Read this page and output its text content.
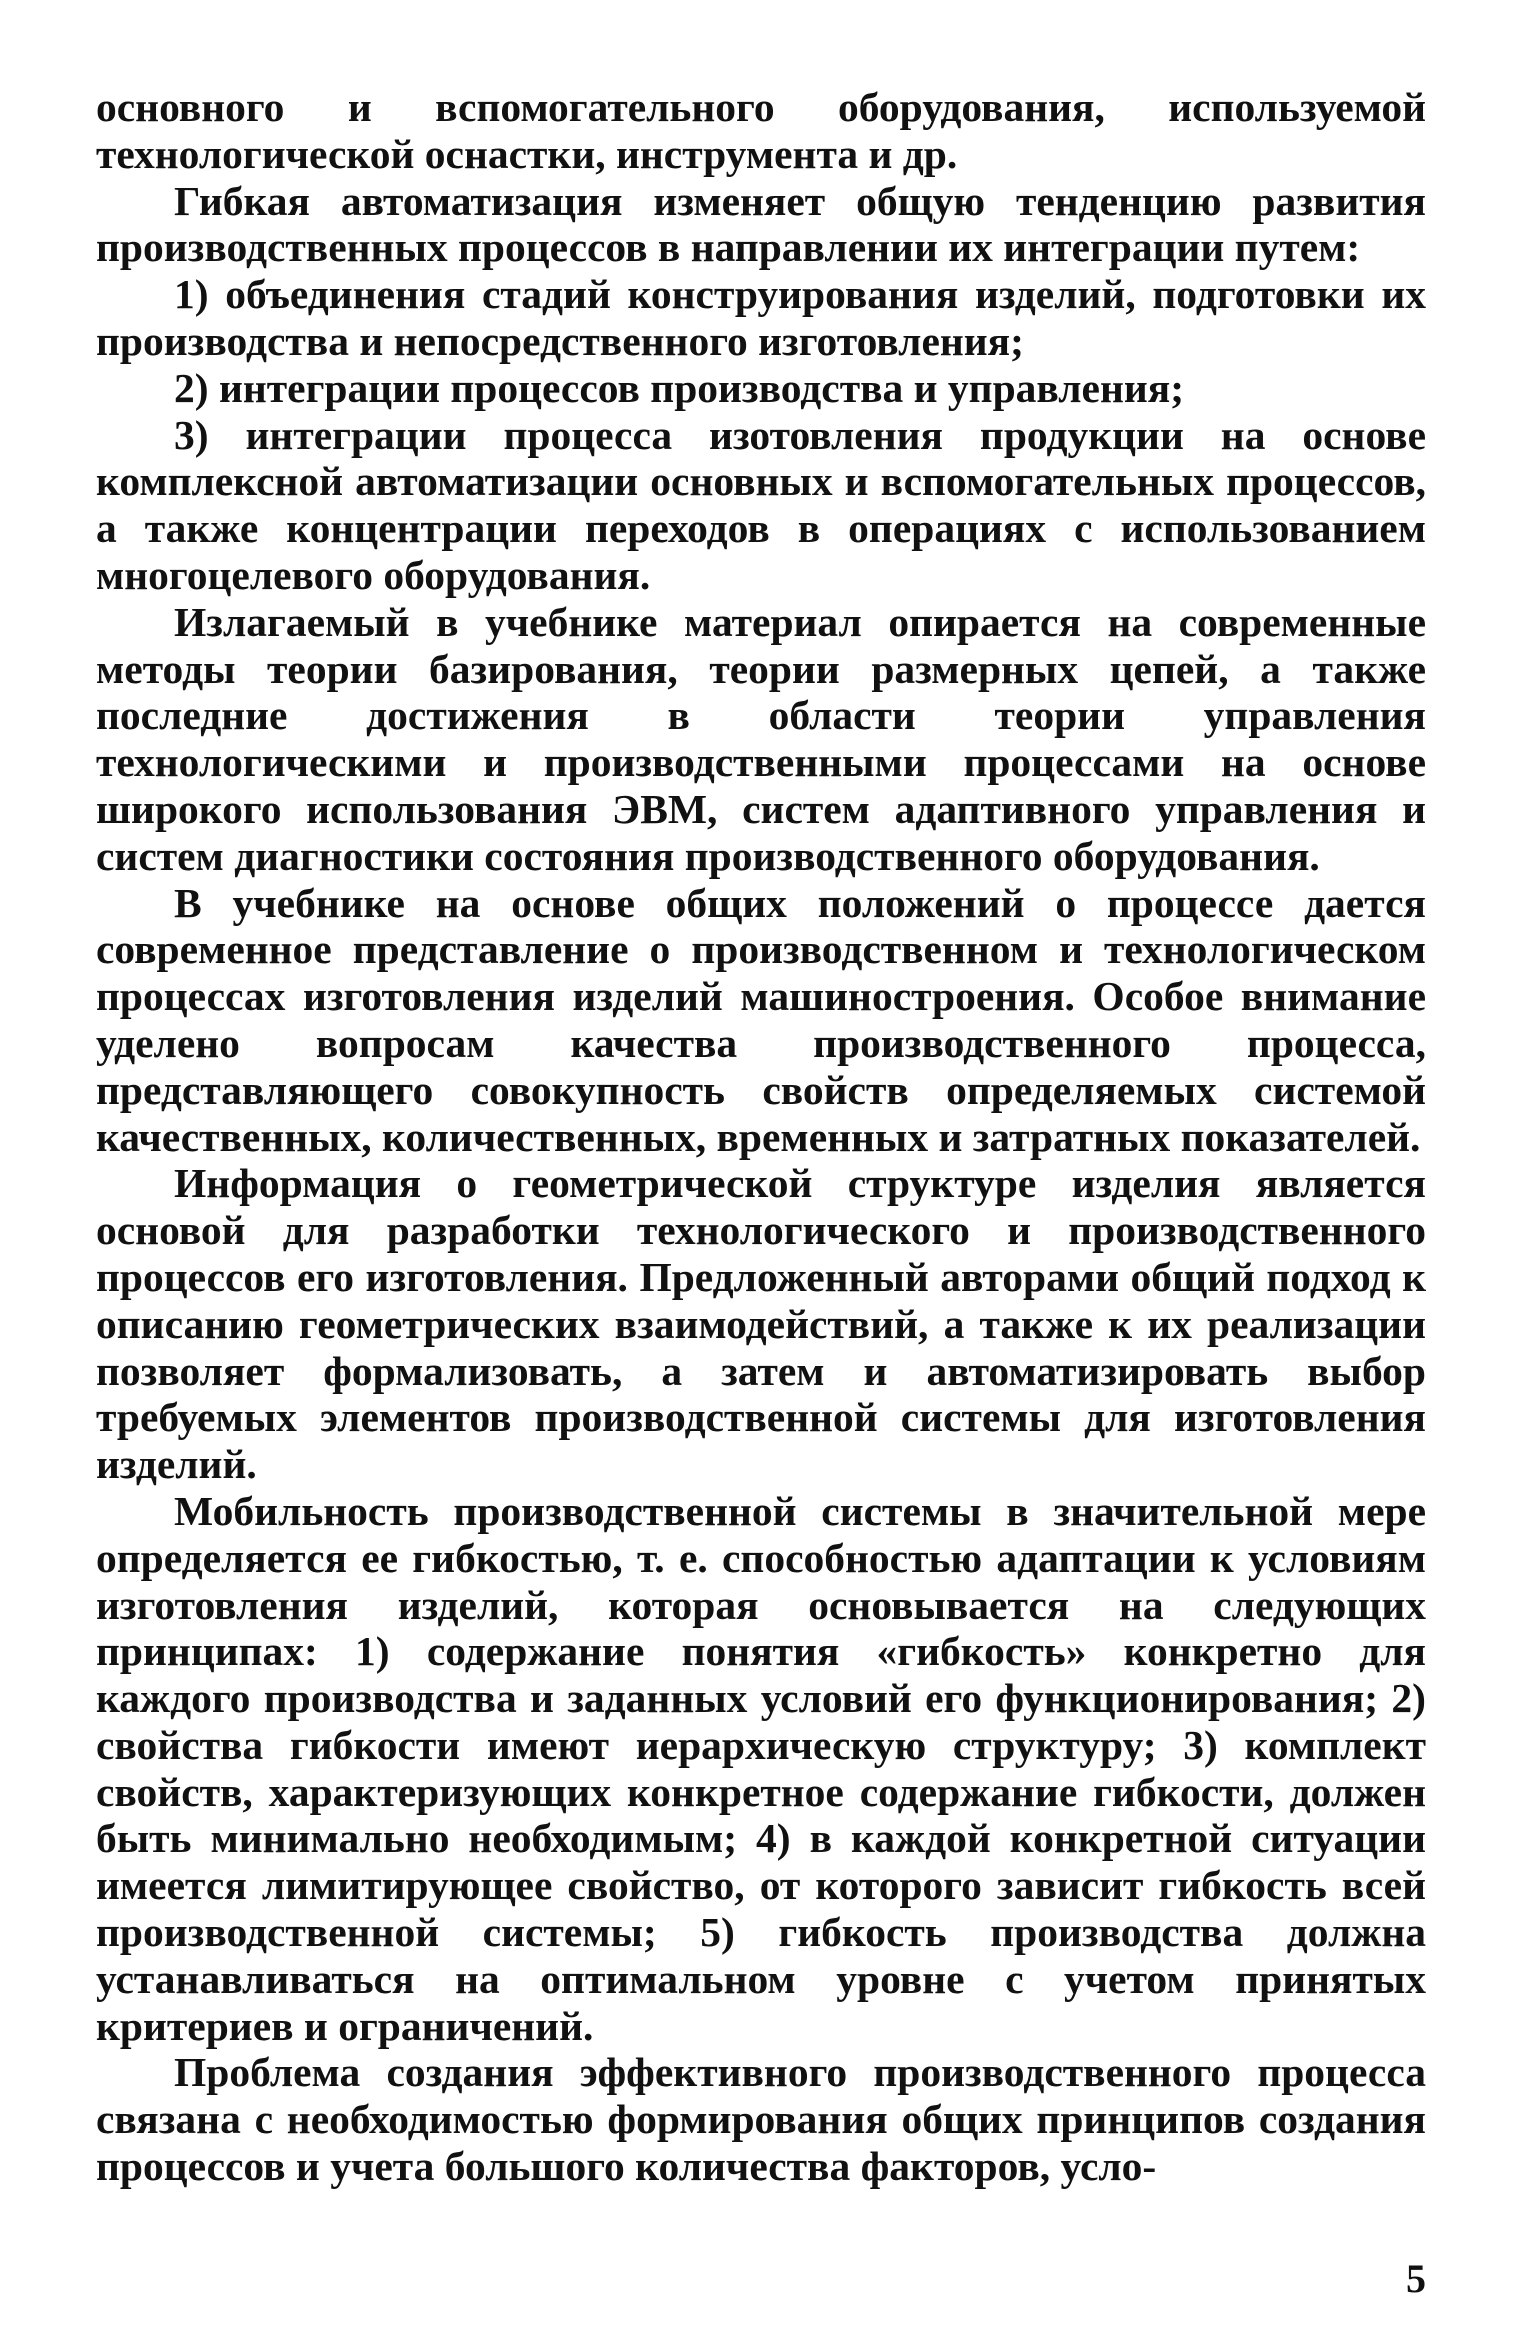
основного и вспомогательного оборудования, используемой технологической оснастки, инструмента и др.

Гибкая автоматизация изменяет общую тенденцию развития производственных процессов в направлении их интеграции путем:

1) объединения стадий конструирования изделий, подготовки их производства и непосредственного изготовления;

2) интеграции процессов производства и управления;

3) интеграции процесса изотовления продукции на основе комплексной автоматизации основных и вспомогательных процессов, а также концентрации переходов в операциях с использованием многоцелевого оборудования.

Излагаемый в учебнике материал опирается на современные методы теории базирования, теории размерных цепей, а также последние достижения в области теории управления технологическими и производственными процессами на основе широкого использования ЭВМ, систем адаптивного управления и систем диагностики состояния производственного оборудования.

В учебнике на основе общих положений о процессе дается современное представление о производственном и технологическом процессах изготовления изделий машиностроения. Особое внимание уделено вопросам качества производственного процесса, представляющего совокупность свойств определяемых системой качественных, количественных, временных и затратных показателей.

Информация о геометрической структуре изделия является основой для разработки технологического и производственного процессов его изготовления. Предложенный авторами общий подход к описанию геометрических взаимодействий, а также к их реализации позволяет формализовать, а затем и автоматизировать выбор требуемых элементов производственной системы для изготовления изделий.

Мобильность производственной системы в значительной мере определяется ее гибкостью, т. е. способностью адаптации к условиям изготовления изделий, которая основывается на следующих принципах: 1) содержание понятия «гибкость» конкретно для каждого производства и заданных условий его функционирования; 2) свойства гибкости имеют иерархическую структуру; 3) комплект свойств, характеризующих конкретное содержание гибкости, должен быть минимально необходимым; 4) в каждой конкретной ситуации имеется лимитирующее свойство, от которого зависит гибкость всей производственной системы; 5) гибкость производства должна устанавливаться на оптимальном уровне с учетом принятых критериев и ограничений.

Проблема создания эффективного производственного процесса связана с необходимостью формирования общих принципов создания процессов и учета большого количества факторов, усло-

5
